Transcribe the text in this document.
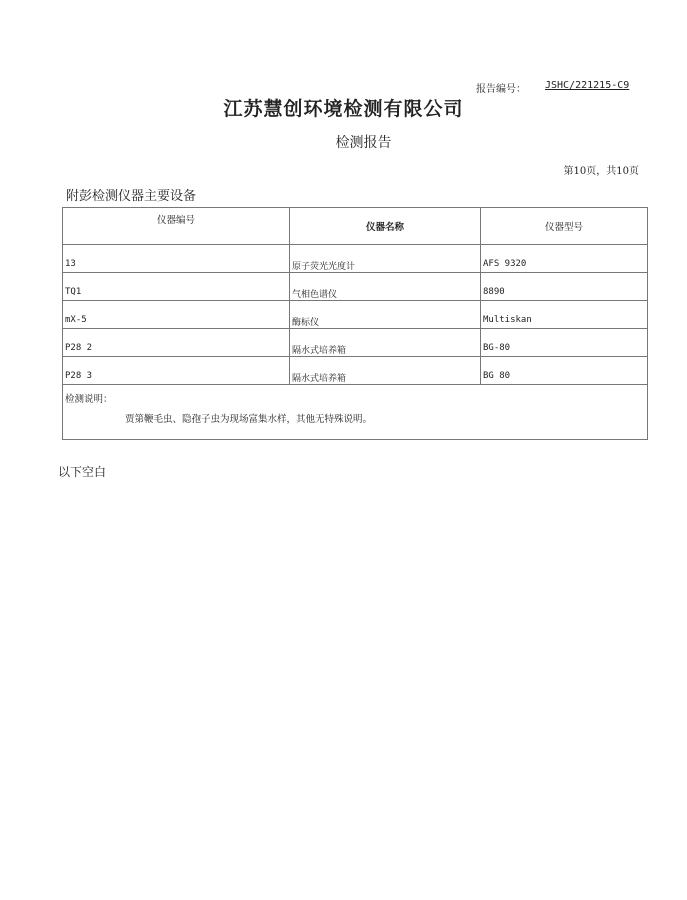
报告编号： JSHC/221215-C9
江苏慧创环境检测有限公司
检测报告
第10页，共10页
附彭检测仪器主要设备
仪器编号	仪器名称	仪器型号
13	原子荧光光度计	AFS 9320
TQ1	气相色谱仪	8890
mX-5	酶标仪	Multiskan
P28 2	隔水式培养箱	BG-80
P28 3	隔水式培养箱	BG 80

检测说明：
贾第鞭毛虫、隐孢子虫为现场富集水样，其他无特殊说明。		
以下空白
